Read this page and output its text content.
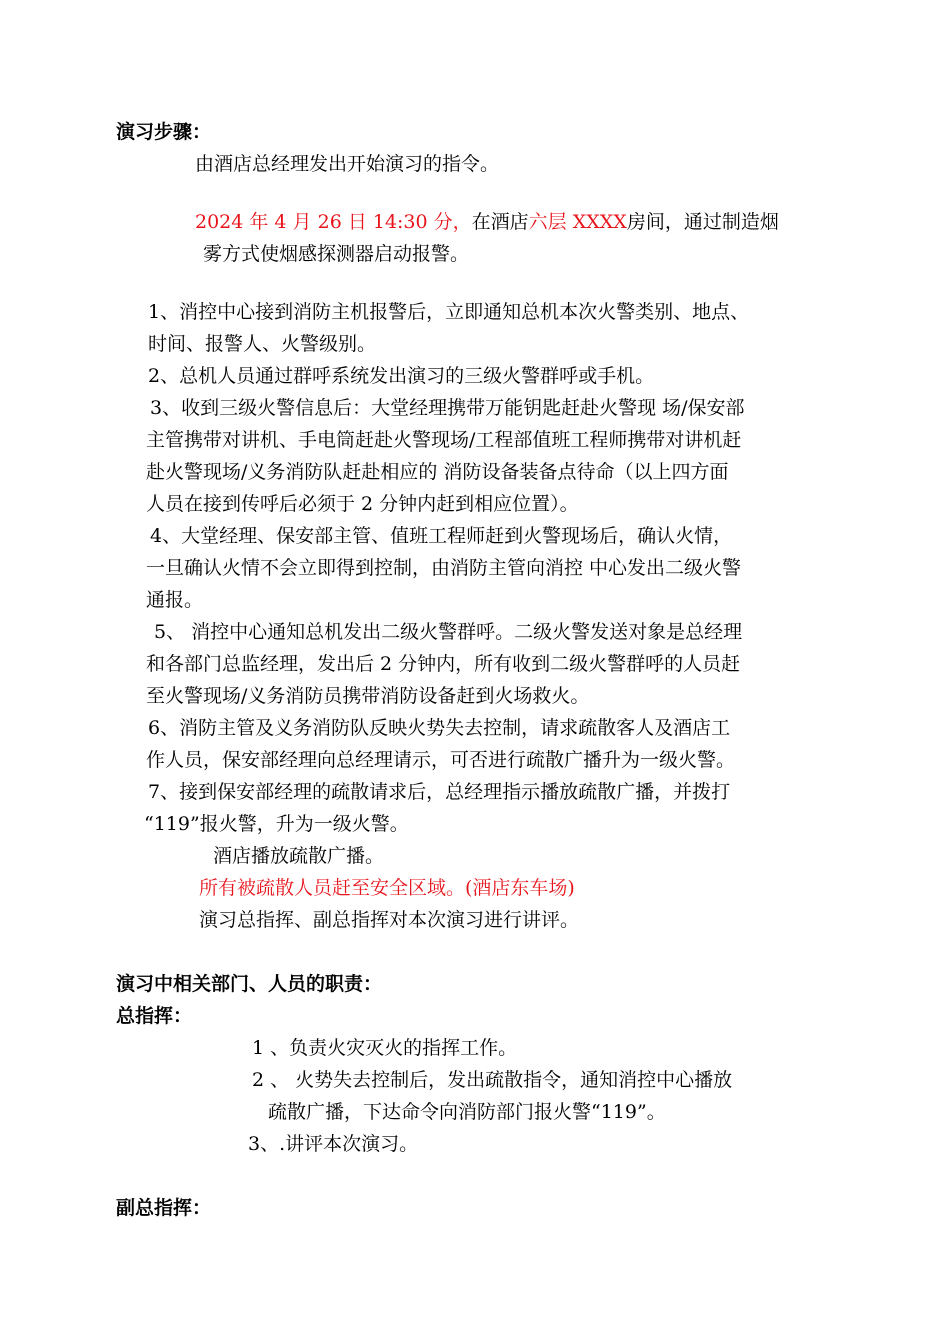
演习步骤：
由酒店总经理发出开始演习的指令。
2024 年 4 月 26 日 14:30 分，在酒店六层 XXXX房间，通过制造烟
雾方式使烟感探测器启动报警。
1、消控中心接到消防主机报警后，立即通知总机本次火警类别、地点、
时间、报警人、火警级别。
2、总机人员通过群呼系统发出演习的三级火警群呼或手机。
3、收到三级火警信息后：大堂经理携带万能钥匙赶赴火警现 场/保安部
主管携带对讲机、手电筒赶赴火警现场/工程部值班工程师携带对讲机赶
赴火警现场/义务消防队赶赴相应的 消防设备装备点待命（以上四方面
人员在接到传呼后必须于 2 分钟内赶到相应位置）。
4、大堂经理、保安部主管、值班工程师赶到火警现场后，确认火情，
一旦确认火情不会立即得到控制，由消防主管向消控 中心发出二级火警
通报。
5、 消控中心通知总机发出二级火警群呼。二级火警发送对象是总经理
和各部门总监经理，发出后 2 分钟内，所有收到二级火警群呼的人员赶
至火警现场/义务消防员携带消防设备赶到火场救火。
6、消防主管及义务消防队反映火势失去控制，请求疏散客人及酒店工
作人员，保安部经理向总经理请示，可否进行疏散广播升为一级火警。
7、接到保安部经理的疏散请求后，总经理指示播放疏散广播，并拨打
“119”报火警，升为一级火警。
酒店播放疏散广播。
所有被疏散人员赶至安全区域。(酒店东车场)
演习总指挥、副总指挥对本次演习进行讲评。
演习中相关部门、人员的职责：
总指挥：
1 、负责火灾灭火的指挥工作。
2 、 火势失去控制后，发出疏散指令，通知消控中心播放
疏散广播，下达命令向消防部门报火警“119”。
3、.讲评本次演习。
副总指挥：
